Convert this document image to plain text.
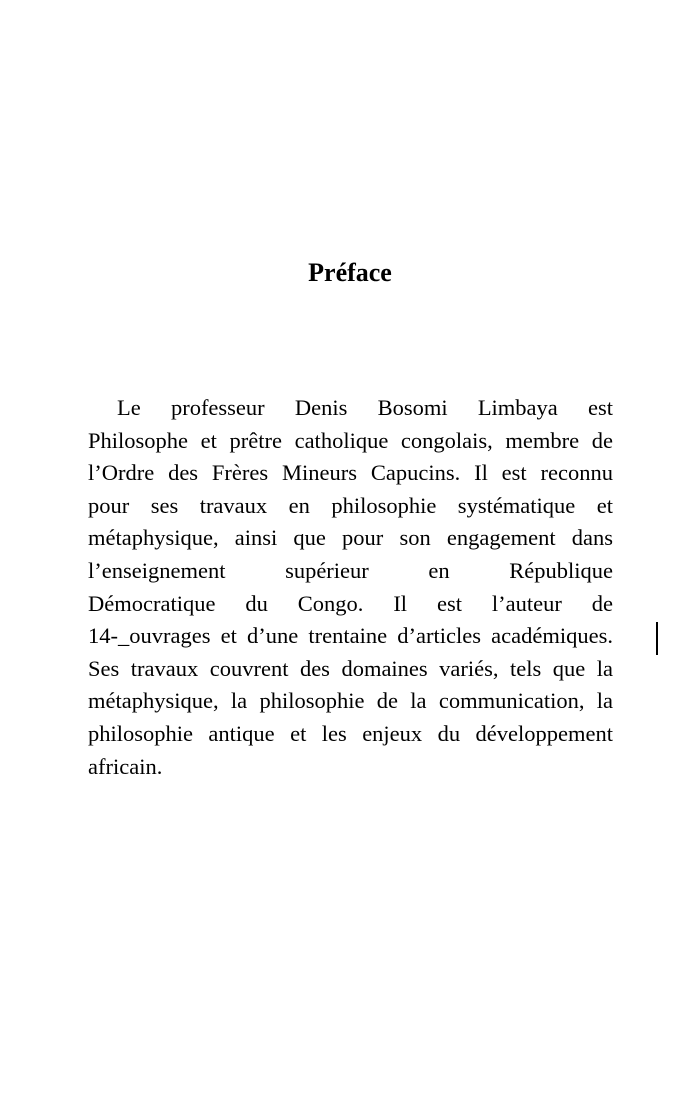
Préface
Le professeur Denis Bosomi Limbaya est
Philosophe et prêtre catholique congolais, membre de
l’Ordre des Frères Mineurs Capucins. Il est reconnu
pour ses travaux en philosophie systématique et
métaphysique, ainsi que pour son engagement dans
l’enseignement supérieur en République
Démocratique du Congo. Il est l’auteur de
14-_ouvrages et d’une trentaine d’articles académiques.
Ses travaux couvrent des domaines variés, tels que la
métaphysique, la philosophie de la communication, la
philosophie antique et les enjeux du développement
africain.
